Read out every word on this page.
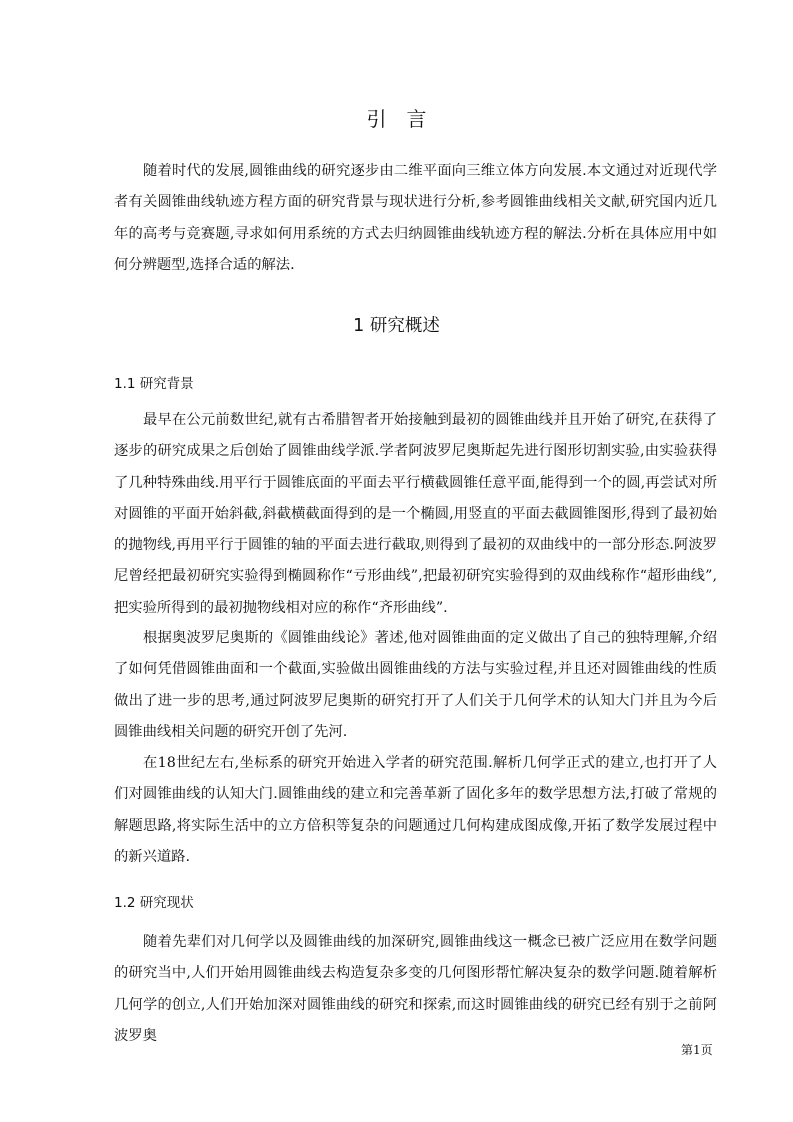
引言

随着时代的发展,圆锥曲线的研究逐步由二维平面向三维立体方向发展.本文通过对近现代学者有关圆锥曲线轨迹方程方面的研究背景与现状进行分析,参考圆锥曲线相关文献,研究国内近几年的高考与竞赛题,寻求如何用系统的方式去归纳圆锥曲线轨迹方程的解法.分析在具体应用中如何分辨题型,选择合适的解法.

1 研究概述
1.1 研究背景

最早在公元前数世纪,就有古希腊智者开始接触到最初的圆锥曲线并且开始了研究,在获得了逐步的研究成果之后创始了圆锥曲线学派.学者阿波罗尼奥斯起先进行图形切割实验,由实验获得了几种特殊曲线.用平行于圆锥底面的平面去平行横截圆锥任意平面,能得到一个的圆,再尝试对所对圆锥的平面开始斜截,斜截横截面得到的是一个椭圆,用竖直的平面去截圆锥图形,得到了最初始的抛物线,再用平行于圆锥的轴的平面去进行截取,则得到了最初的双曲线中的一部分形态.阿波罗尼曾经把最初研究实验得到椭圆称作“亏形曲线”,把最初研究实验得到的双曲线称作“超形曲线”,把实验所得到的最初抛物线相对应的称作“齐形曲线”.

根据奥波罗尼奥斯的《圆锥曲线论》著述,他对圆锥曲面的定义做出了自己的独特理解,介绍了如何凭借圆锥曲面和一个截面,实验做出圆锥曲线的方法与实验过程,并且还对圆锥曲线的性质做出了进一步的思考,通过阿波罗尼奥斯的研究打开了人们关于几何学术的认知大门并且为今后圆锥曲线相关问题的研究开创了先河.

在18世纪左右,坐标系的研究开始进入学者的研究范围.解析几何学正式的建立,也打开了人们对圆锥曲线的认知大门.圆锥曲线的建立和完善革新了固化多年的数学思想方法,打破了常规的解题思路,将实际生活中的立方倍积等复杂的问题通过几何构建成图成像,开拓了数学发展过程中的新兴道路.

1.2 研究现状

随着先辈们对几何学以及圆锥曲线的加深研究,圆锥曲线这一概念已被广泛应用在数学问题的研究当中,人们开始用圆锥曲线去构造复杂多变的几何图形帮忙解决复杂的数学问题.随着解析几何学的创立,人们开始加深对圆锥曲线的研究和探索,而这时圆锥曲线的研究已经有别于之前阿波罗奥

第1页
